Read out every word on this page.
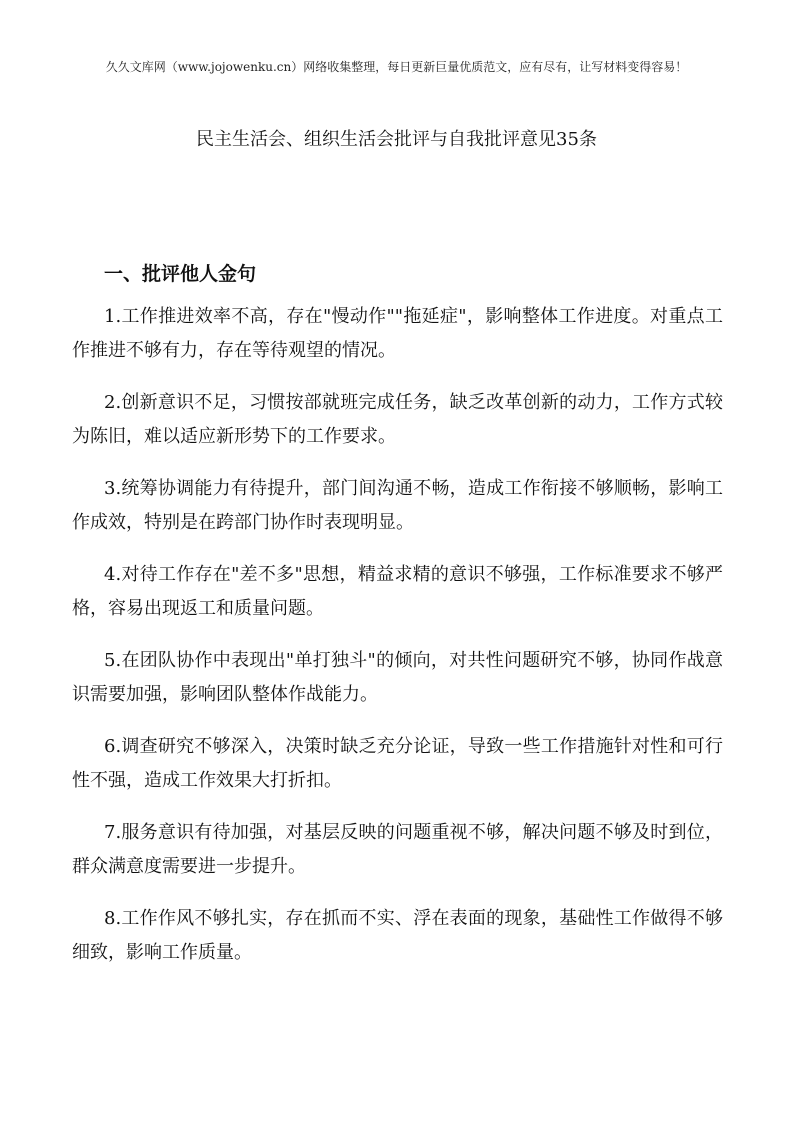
久久文库网（www.jojowenku.cn）网络收集整理，每日更新巨量优质范文，应有尽有，让写材料变得容易！
民主生活会、组织生活会批评与自我批评意见35条
一、批评他人金句
1.工作推进效率不高，存在"慢动作""拖延症"，影响整体工作进度。对重点工作推进不够有力，存在等待观望的情况。
2.创新意识不足，习惯按部就班完成任务，缺乏改革创新的动力，工作方式较为陈旧，难以适应新形势下的工作要求。
3.统筹协调能力有待提升，部门间沟通不畅，造成工作衔接不够顺畅，影响工作成效，特别是在跨部门协作时表现明显。
4.对待工作存在"差不多"思想，精益求精的意识不够强，工作标准要求不够严格，容易出现返工和质量问题。
5.在团队协作中表现出"单打独斗"的倾向，对共性问题研究不够，协同作战意识需要加强，影响团队整体作战能力。
6.调查研究不够深入，决策时缺乏充分论证，导致一些工作措施针对性和可行性不强，造成工作效果大打折扣。
7.服务意识有待加强，对基层反映的问题重视不够，解决问题不够及时到位，群众满意度需要进一步提升。
8.工作作风不够扎实，存在抓而不实、浮在表面的现象，基础性工作做得不够细致，影响工作质量。
